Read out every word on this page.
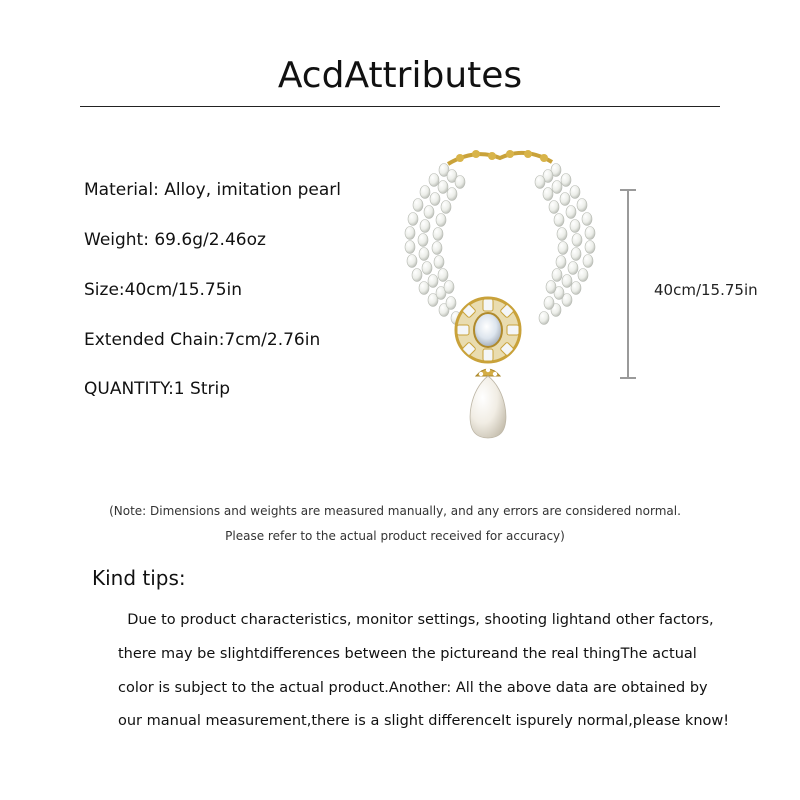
AcdAttributes
Material: Alloy, imitation pearl
Weight: 69.6g/2.46oz
Size:40cm/15.75in
Extended Chain:7cm/2.76in
QUANTITY:1 Strip
40cm/15.75in
(Note: Dimensions and weights are measured manually, and any errors are considered normal.
Please refer to the actual product received for accuracy)
Kind tips:
Due to product characteristics, monitor settings, shooting lightand other factors,
there may be slightdifferences between the pictureand the real thingThe actual
color is subject to the actual product.Another: All the above data are obtained by
our manual measurement,there is a slight differenceIt ispurely normal,please know!
